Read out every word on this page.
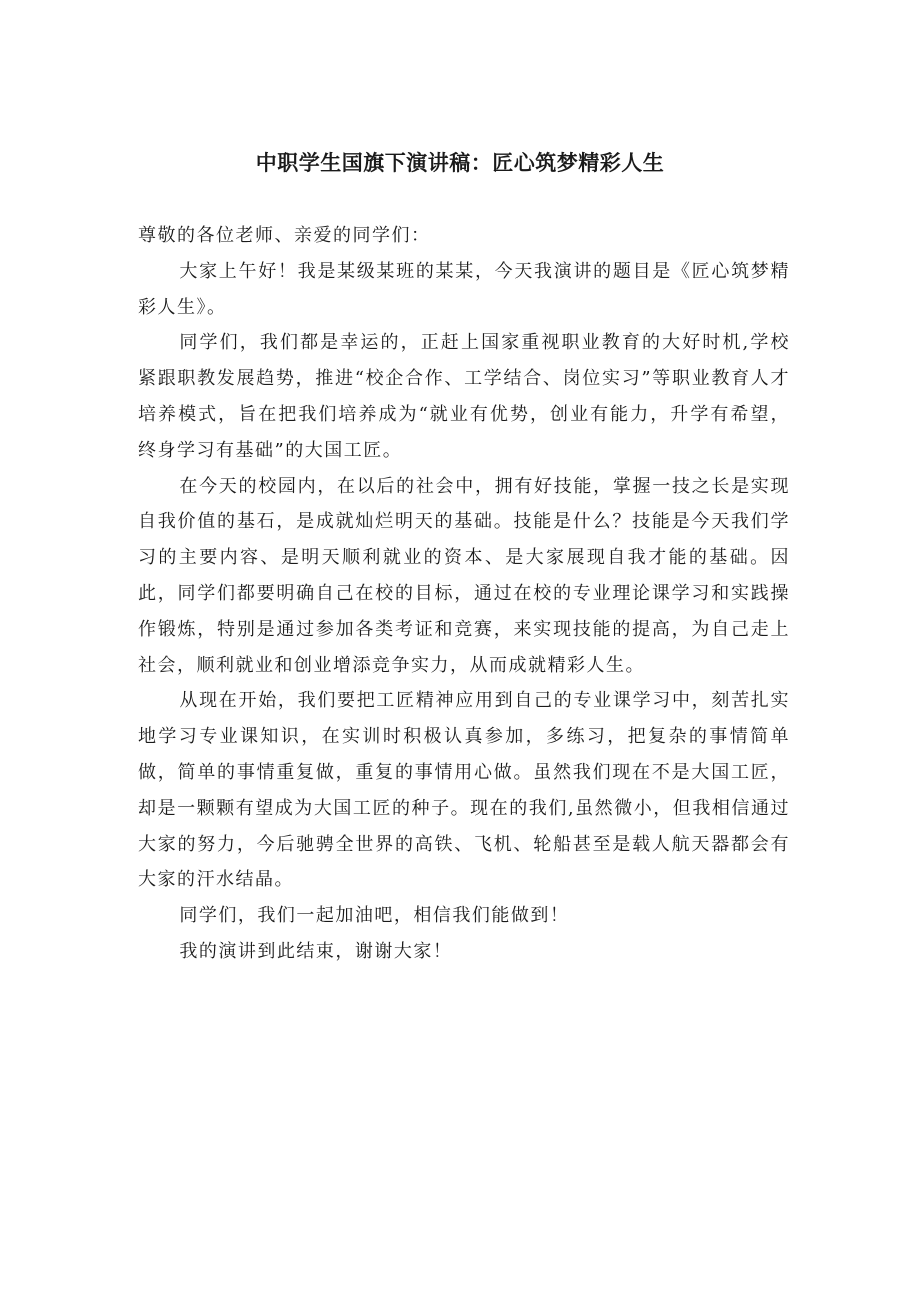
中职学生国旗下演讲稿：匠心筑梦精彩人生

尊敬的各位老师、亲爱的同学们：

大家上午好！我是某级某班的某某，今天我演讲的题目是《匠心筑梦精彩人生》。

同学们，我们都是幸运的，正赶上国家重视职业教育的大好时机,学校紧跟职教发展趋势，推进“校企合作、工学结合、岗位实习”等职业教育人才培养模式，旨在把我们培养成为“就业有优势，创业有能力，升学有希望，终身学习有基础”的大国工匠。

在今天的校园内，在以后的社会中，拥有好技能，掌握一技之长是实现自我价值的基石，是成就灿烂明天的基础。技能是什么？技能是今天我们学习的主要内容、是明天顺利就业的资本、是大家展现自我才能的基础。因此，同学们都要明确自己在校的目标，通过在校的专业理论课学习和实践操作锻炼，特别是通过参加各类考证和竞赛，来实现技能的提高，为自己走上社会，顺利就业和创业增添竞争实力，从而成就精彩人生。

从现在开始，我们要把工匠精神应用到自己的专业课学习中，刻苦扎实地学习专业课知识，在实训时积极认真参加，多练习，把复杂的事情简单做，简单的事情重复做，重复的事情用心做。虽然我们现在不是大国工匠，却是一颗颗有望成为大国工匠的种子。现在的我们,虽然微小，但我相信通过大家的努力，今后驰骋全世界的高铁、飞机、轮船甚至是载人航天器都会有大家的汗水结晶。

同学们，我们一起加油吧，相信我们能做到！

我的演讲到此结束，谢谢大家！
